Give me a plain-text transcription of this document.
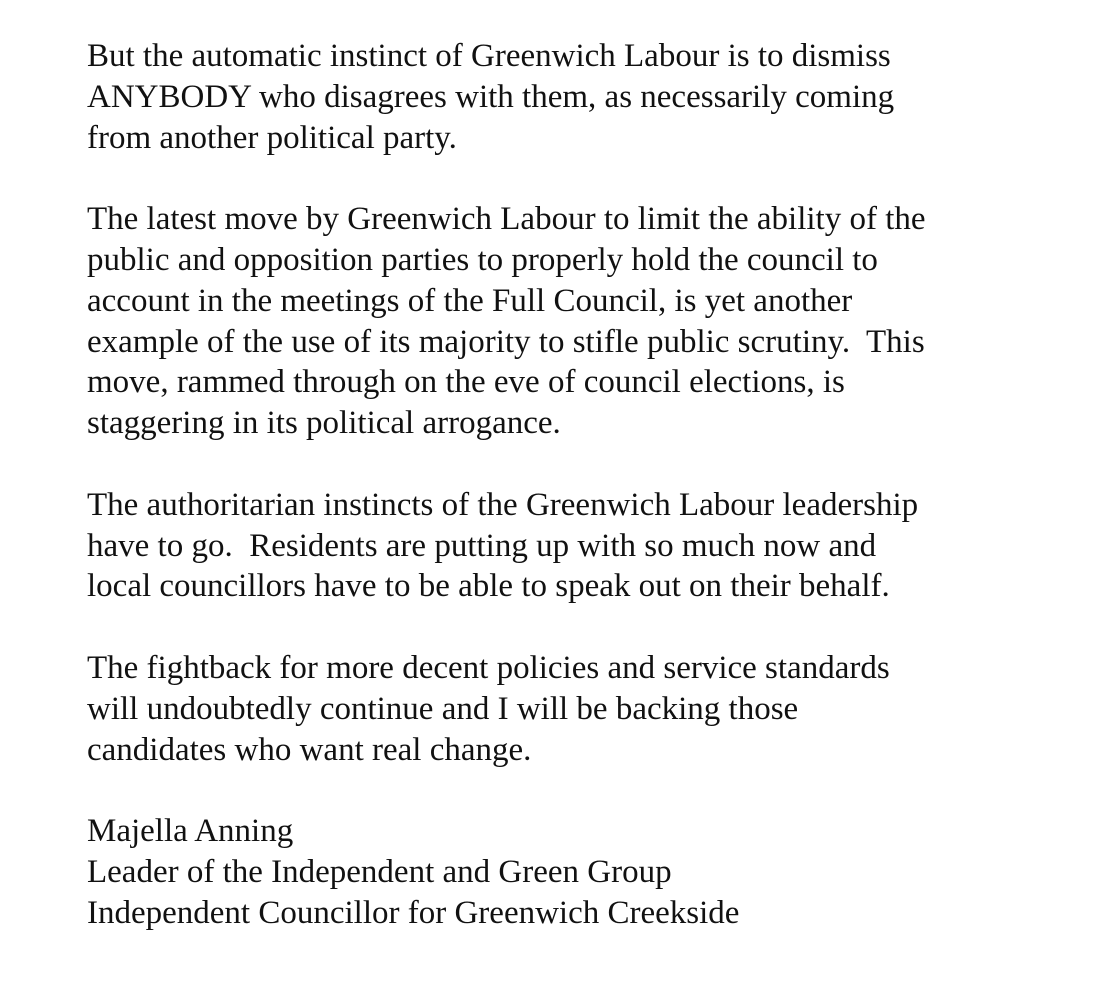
But the automatic instinct of Greenwich Labour is to dismiss
ANYBODY who disagrees with them, as necessarily coming
from another political party.
The latest move by Greenwich Labour to limit the ability of the
public and opposition parties to properly hold the council to
account in the meetings of the Full Council, is yet another
example of the use of its majority to stifle public scrutiny.  This
move, rammed through on the eve of council elections, is
staggering in its political arrogance.
The authoritarian instincts of the Greenwich Labour leadership
have to go.  Residents are putting up with so much now and
local councillors have to be able to speak out on their behalf.
The fightback for more decent policies and service standards
will undoubtedly continue and I will be backing those
candidates who want real change.
Majella Anning
Leader of the Independent and Green Group
Independent Councillor for Greenwich Creekside
